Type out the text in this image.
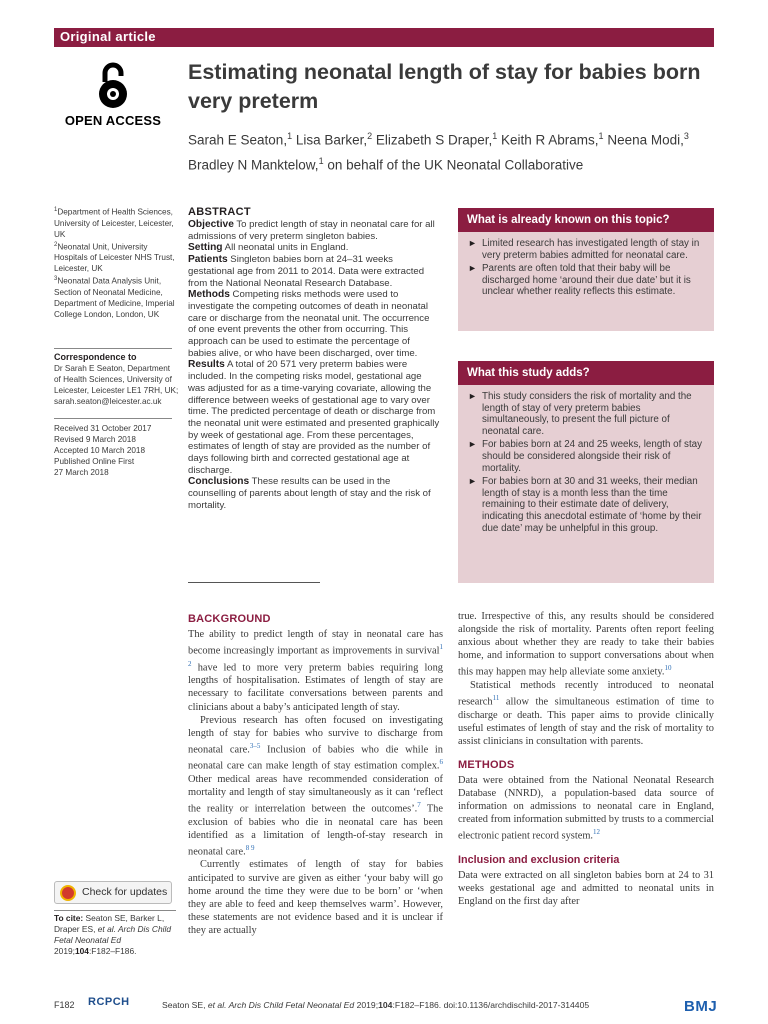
Original article
OPEN ACCESS
Estimating neonatal length of stay for babies born very preterm
Sarah E Seaton,$^1$ Lisa Barker,$^2$ Elizabeth S Draper,$^1$ Keith R Abrams,$^1$ Neena Modi,$^3$ Bradley N Manktelow,$^1$ on behalf of the UK Neonatal Collaborative
$^1$Department of Health Sciences, University of Leicester, Leicester, UK
$^2$Neonatal Unit, University Hospitals of Leicester NHS Trust, Leicester, UK
$^3$Neonatal Data Analysis Unit, Section of Neonatal Medicine, Department of Medicine, Imperial College London, London, UK
Correspondence to
Dr Sarah E Seaton, Department of Health Sciences, University of Leicester, Leicester LE1 7RH, UK; sarah.seaton@leicester.ac.uk
Received 31 October 2017
Revised 9 March 2018
Accepted 10 March 2018
Published Online First
27 March 2018
ABSTRACT
Objective To predict length of stay in neonatal care for all admissions of very preterm singleton babies.
Setting All neonatal units in England.
Patients Singleton babies born at 24–31 weeks gestational age from 2011 to 2014. Data were extracted from the National Neonatal Research Database.
Methods Competing risks methods were used to investigate the competing outcomes of death in neonatal care or discharge from the neonatal unit. The occurrence of one event prevents the other from occurring. This approach can be used to estimate the percentage of babies alive, or who have been discharged, over time.
Results A total of 20 571 very preterm babies were included. In the competing risks model, gestational age was adjusted for as a time-varying covariate, allowing the difference between weeks of gestational age to vary over time. The predicted percentage of death or discharge from the neonatal unit were estimated and presented graphically by week of gestational age. From these percentages, estimates of length of stay are provided as the number of days following birth and corrected gestational age at discharge.
Conclusions These results can be used in the counselling of parents about length of stay and the risk of mortality.
What is already known on this topic?
► Limited research has investigated length of stay in very preterm babies admitted for neonatal care.
► Parents are often told that their baby will be discharged home ‘around their due date’ but it is unclear whether reality reflects this estimate.
What this study adds?
► This study considers the risk of mortality and the length of stay of very preterm babies simultaneously, to present the full picture of neonatal care.
► For babies born at 24 and 25 weeks, length of stay should be considered alongside their risk of mortality.
► For babies born at 30 and 31 weeks, their median length of stay is a month less than the time remaining to their estimate date of delivery, indicating this anecdotal estimate of ‘home by their due date’ may be unhelpful in this group.
BACKGROUND

The ability to predict length of stay in neonatal care has become increasingly important as improvements in survival$^{1 2}$ have led to more very preterm babies requiring long lengths of hospitalisation. Estimates of length of stay are necessary to facilitate conversations between parents and clinicians about a baby’s anticipated length of stay.

Previous research has often focused on investigating length of stay for babies who survive to discharge from neonatal care.$^{3-5}$ Inclusion of babies who die while in neonatal care can make length of stay estimation complex.$^6$ Other medical areas have recommended consideration of mortality and length of stay simultaneously as it can ‘reflect the reality or interrelation between the outcomes’.$^7$ The exclusion of babies who die in neonatal care has been identified as a limitation of length-of-stay research in neonatal care.$^{8 9}$

Currently estimates of length of stay for babies anticipated to survive are given as either ‘your baby will go home around the time they were due to be born’ or ‘when they are able to feed and keep themselves warm’. However, these statements are not evidence based and it is unclear if they are actually

true. Irrespective of this, any results should be considered alongside the risk of mortality. Parents often report feeling anxious about whether they are ready to take their babies home, and information to support conversations about when this may happen may help alleviate some anxiety.$^{10}$

Statistical methods recently introduced to neonatal research$^{11}$ allow the simultaneous estimation of time to discharge or death. This paper aims to provide clinically useful estimates of length of stay and the risk of mortality to assist clinicians in consultation with parents.

METHODS

Data were obtained from the National Neonatal Research Database (NNRD), a population-based data source of information on admissions to neonatal care in England, created from information submitted by trusts to a commercial electronic patient record system.$^{12}$

Inclusion and exclusion criteria

Data were extracted on all singleton babies born at 24 to 31 weeks gestational age and admitted to neonatal units in England on the first day after

Check for updates
To cite: Seaton SE, Barker L, Draper ES, et al. Arch Dis Child Fetal Neonatal Ed 2019;104:F182–F186.
F182 RCPCH	Seaton SE, et al. Arch Dis Child Fetal Neonatal Ed 2019;104:F182–F186. doi:10.1136/archdischild-2017-314405	BMJ
